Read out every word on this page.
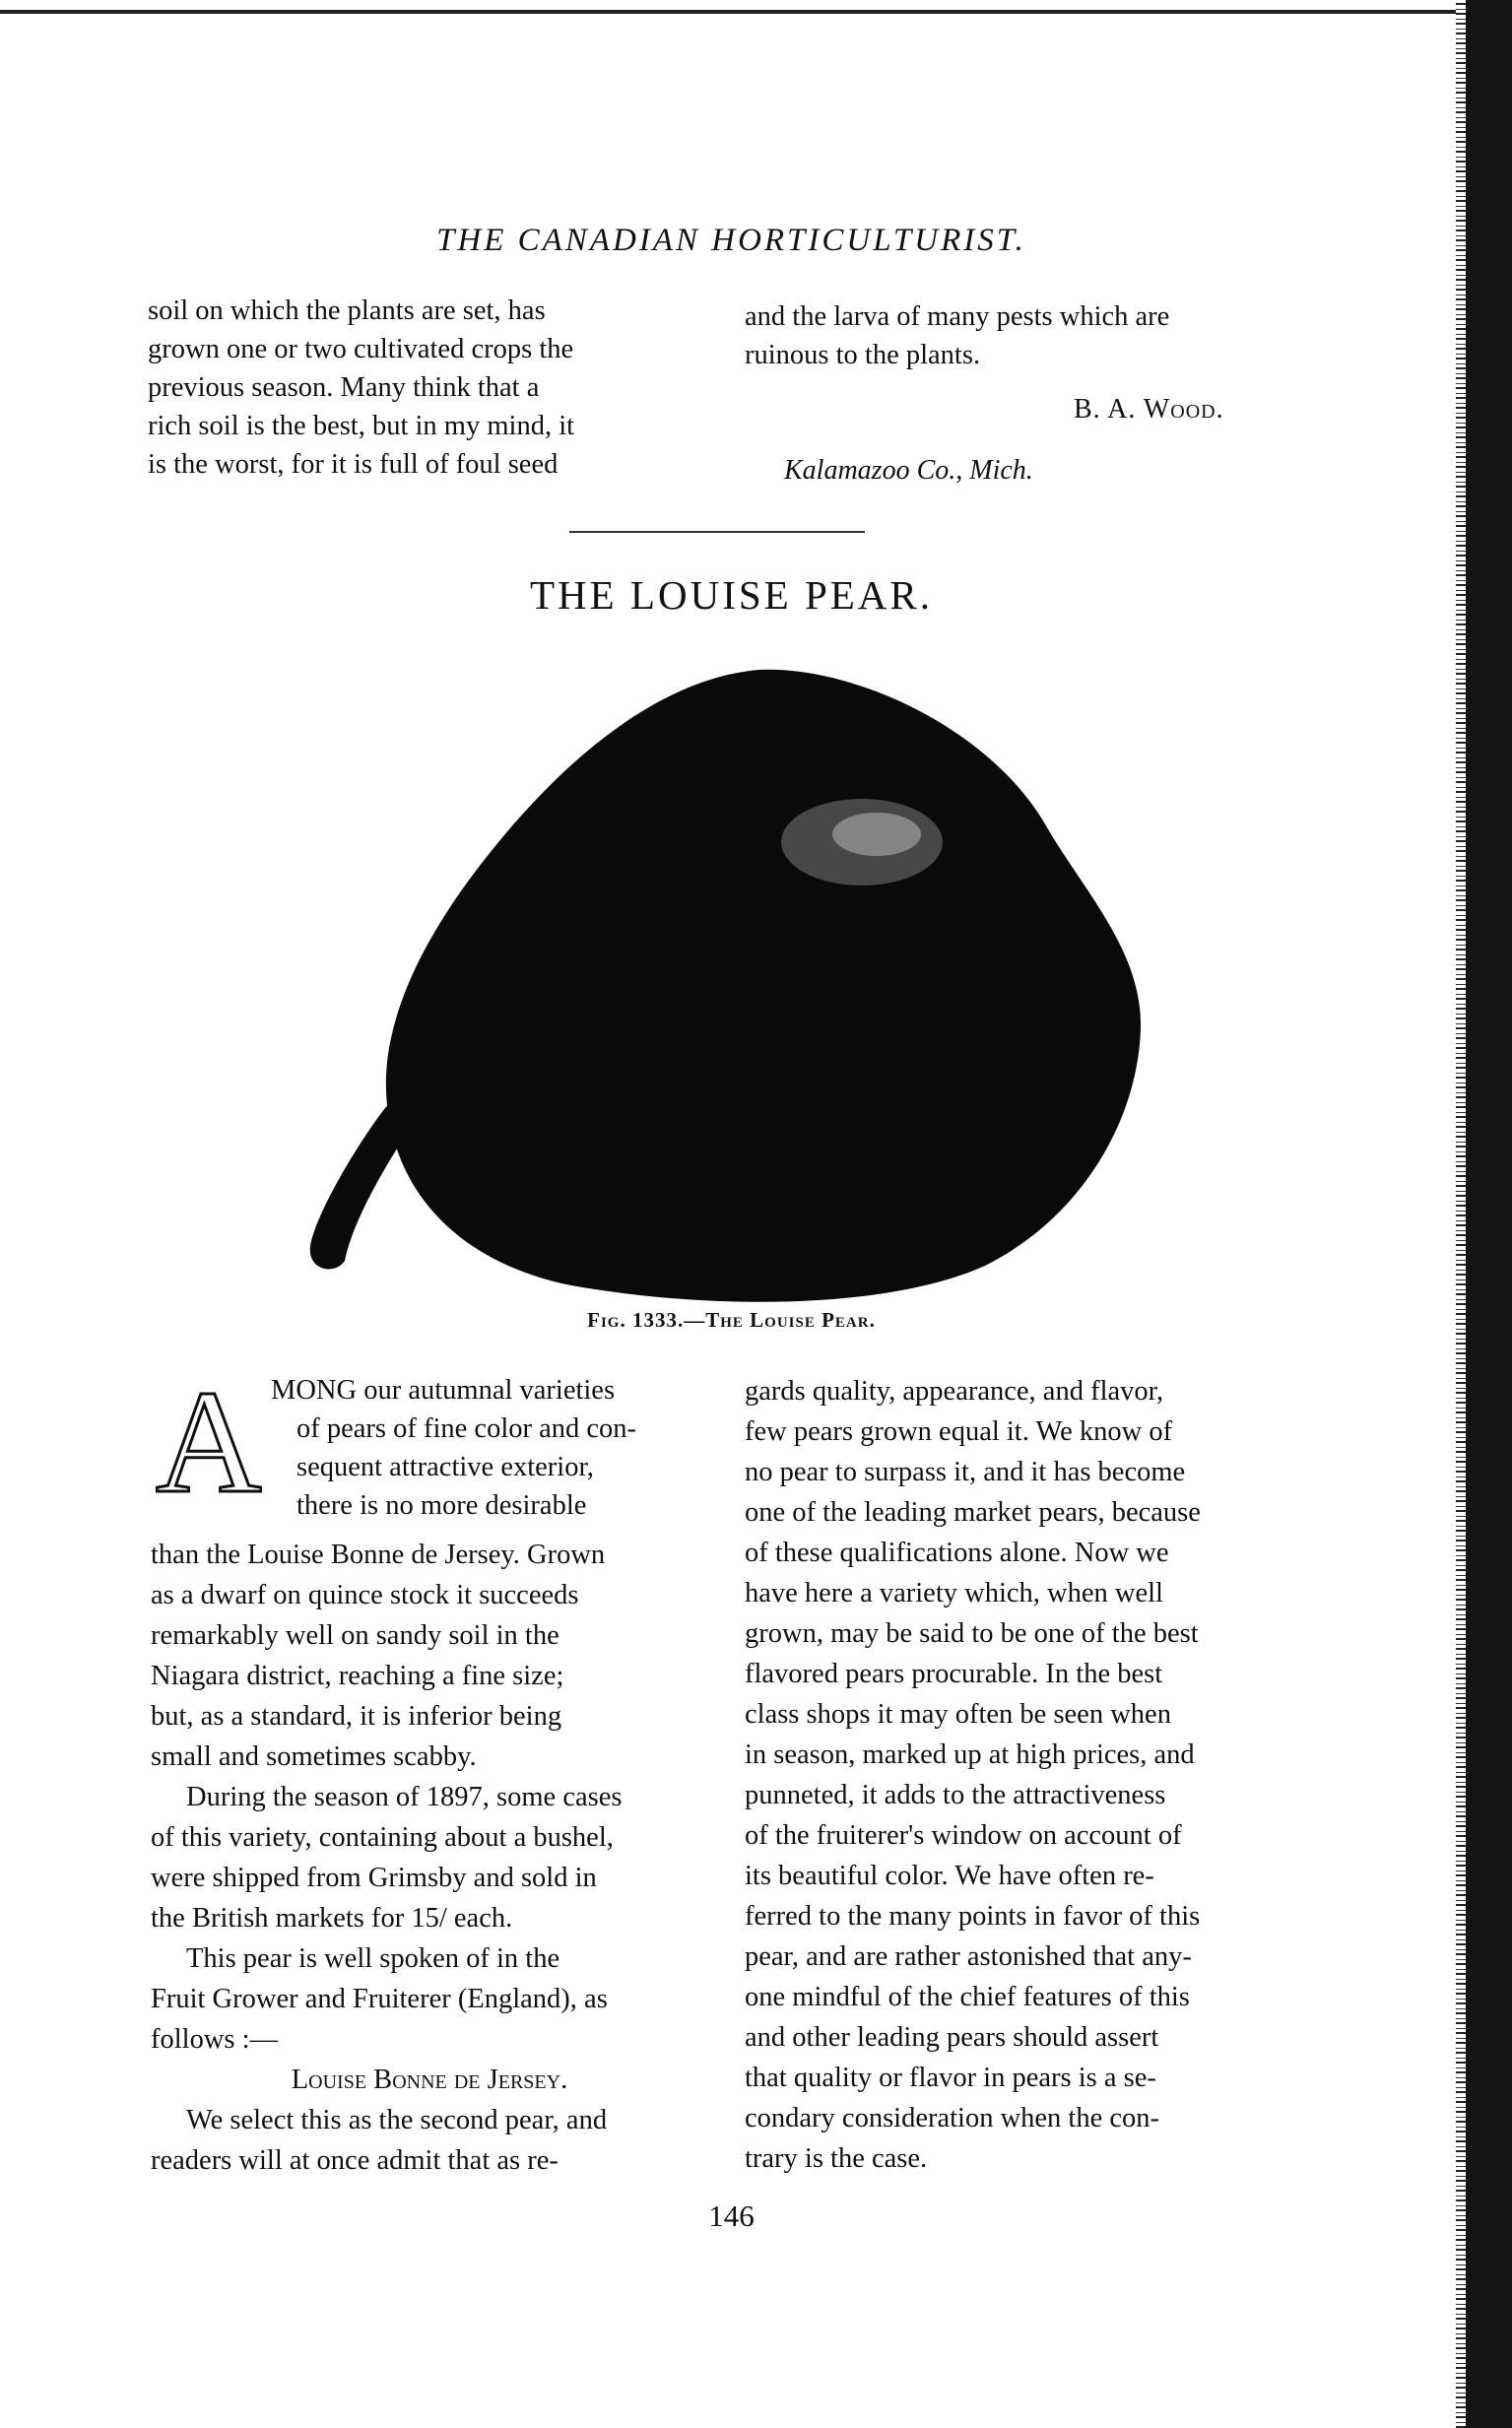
THE CANADIAN HORTICULTURIST.

soil on which the plants are set, has

grown one or two cultivated crops the

previous season. Many think that a

rich soil is the best, but in my mind, it

is the worst, for it is full of foul seed

and the larva of many pests which are

ruinous to the plants.

B. A. Wood.
Kalamazoo Co., Mich.
THE LOUISE PEAR.
Fig. 1333.—The Louise Pear.
A MONG our autumnal varieties

of pears of fine color and con-

sequent attractive exterior,

there is no more desirable

than the Louise Bonne de Jersey. Grown

as a dwarf on quince stock it succeeds

remarkably well on sandy soil in the

Niagara district, reaching a fine size;

but, as a standard, it is inferior being

small and sometimes scabby.

During the season of 1897, some cases

of this variety, containing about a bushel,

were shipped from Grimsby and sold in

the British markets for 15/ each.

This pear is well spoken of in the

Fruit Grower and Fruiterer (England), as

follows :—

Louise Bonne de Jersey.

We select this as the second pear, and

readers will at once admit that as re-

gards quality, appearance, and flavor,

few pears grown equal it. We know of

no pear to surpass it, and it has become

one of the leading market pears, because

of these qualifications alone. Now we

have here a variety which, when well

grown, may be said to be one of the best

flavored pears procurable. In the best

class shops it may often be seen when

in season, marked up at high prices, and

punneted, it adds to the attractiveness

of the fruiterer's window on account of

its beautiful color. We have often re-

ferred to the many points in favor of this

pear, and are rather astonished that any-

one mindful of the chief features of this

and other leading pears should assert

that quality or flavor in pears is a se-

condary consideration when the con-

trary is the case.

146
